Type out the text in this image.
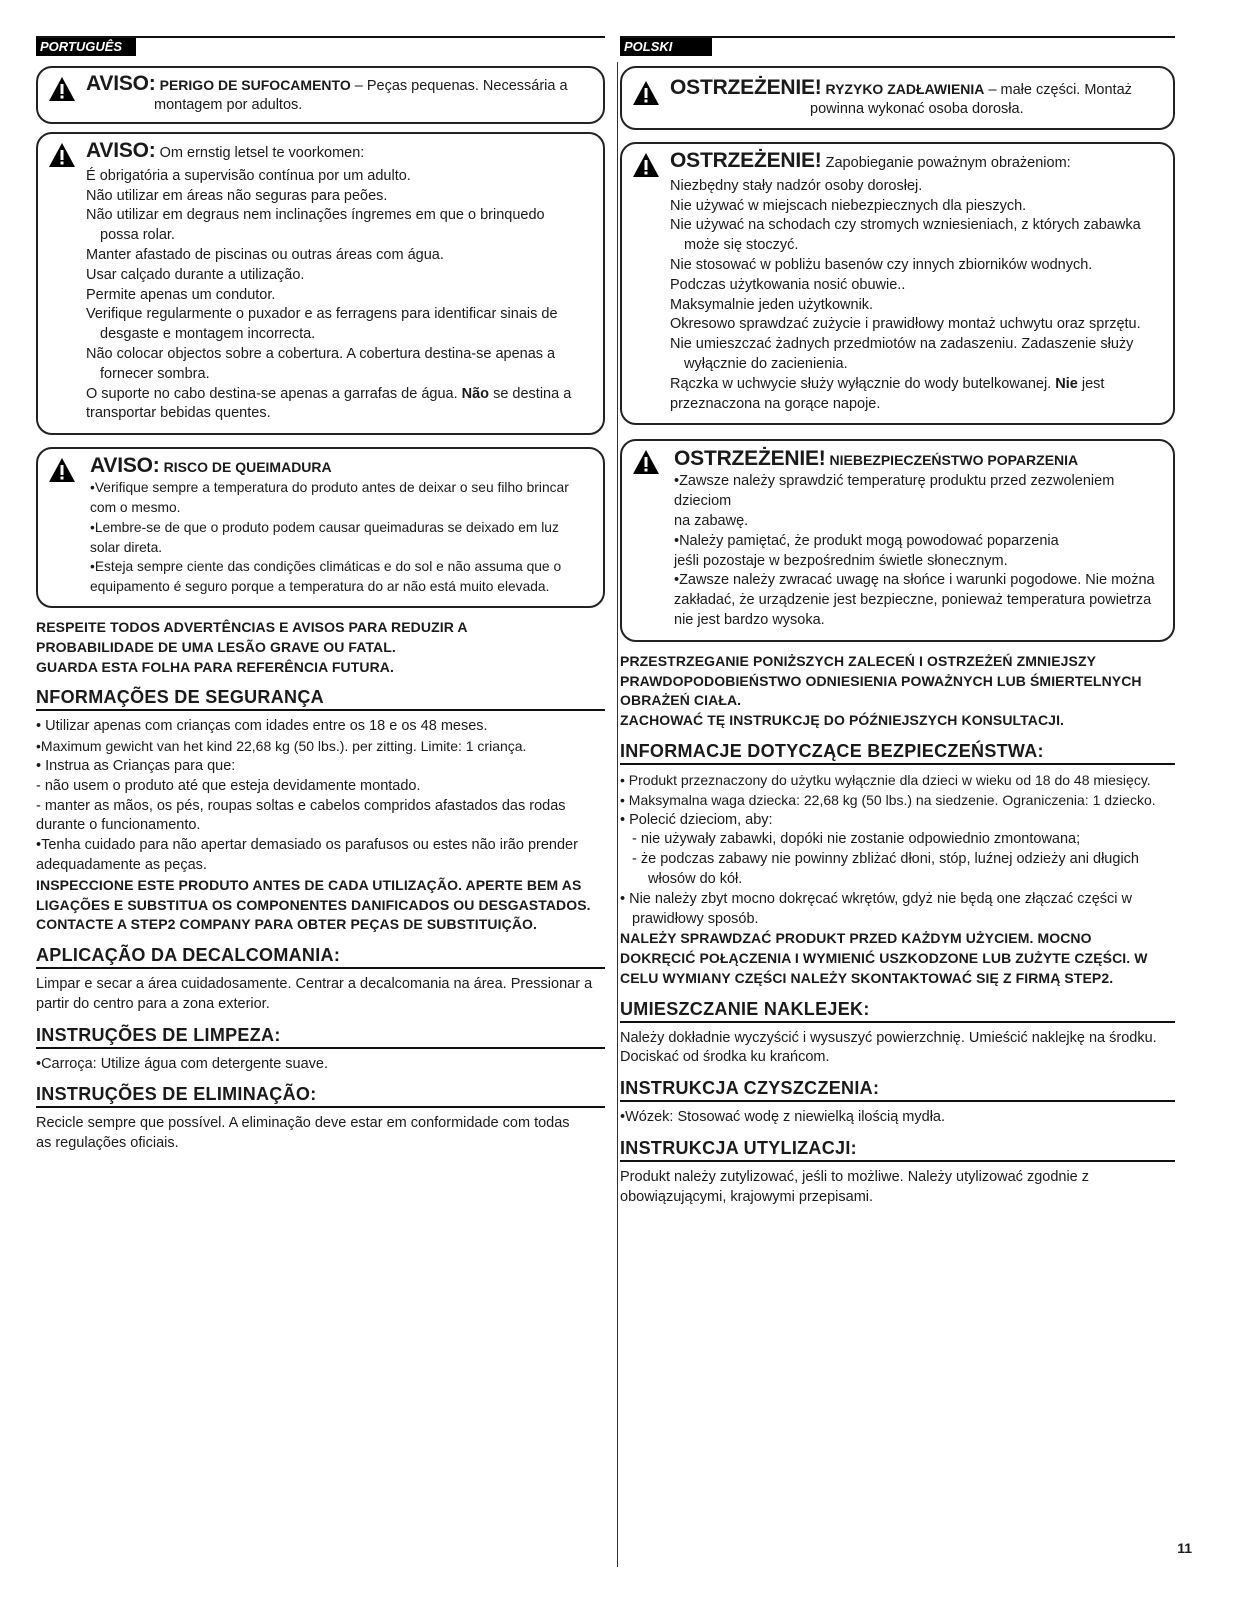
PORTUGUÊS
AVISO: PERIGO DE SUFOCAMENTO – Peças pequenas. Necessária a
montagem por adultos.
AVISO: Om ernstig letsel te voorkomen:
É obrigatória a supervisão contínua por um adulto.
Não utilizar em áreas não seguras para peões.
Não utilizar em degraus nem inclinações íngremes em que o brinquedo
possa rolar.
Manter afastado de piscinas ou outras áreas com água.
Usar calçado durante a utilização.
Permite apenas um condutor.
Verifique regularmente o puxador e as ferragens para identificar sinais de
desgaste e montagem incorrecta.
Não colocar objectos sobre a cobertura. A cobertura destina-se apenas a
fornecer sombra.
O suporte no cabo destina-se apenas a garrafas de água. Não se destina a
transportar bebidas quentes.
AVISO: RISCO DE QUEIMADURA
•Verifique sempre a temperatura do produto antes de deixar o seu filho brincar
com o mesmo.
•Lembre-se de que o produto podem causar queimaduras se deixado em luz
solar direta.
•Esteja sempre ciente das condições climáticas e do sol e não assuma que o
equipamento é seguro porque a temperatura do ar não está muito elevada.
RESPEITE TODOS ADVERTÊNCIAS E AVISOS PARA REDUZIR A
PROBABILIDADE DE UMA LESÃO GRAVE OU FATAL.
GUARDA ESTA FOLHA PARA REFERÊNCIA FUTURA.
NFORMAÇÕES DE SEGURANÇA
• Utilizar apenas com crianças com idades entre os 18 e os 48 meses.
•Maximum gewicht van het kind 22,68 kg (50 lbs.). per zitting. Limite: 1 criança.
• Instrua as Crianças para que:
- não usem o produto até que esteja devidamente montado.
- manter as mãos, os pés, roupas soltas e cabelos compridos afastados das rodas
durante o funcionamento.
•Tenha cuidado para não apertar demasiado os parafusos ou estes não irão prender
adequadamente as peças.
INSPECCIONE ESTE PRODUTO ANTES DE CADA UTILIZAÇÃO. APERTE BEM AS
LIGAÇÕES E SUBSTITUA OS COMPONENTES DANIFICADOS OU DESGASTADOS.
CONTACTE A STEP2 COMPANY PARA OBTER PEÇAS DE SUBSTITUIÇÃO.
APLICAÇÃO DA DECALCOMANIA:
Limpar e secar a área cuidadosamente. Centrar a decalcomania na área. Pressionar a
partir do centro para a zona exterior.
INSTRUÇÕES DE LIMPEZA:
•Carroça: Utilize água com detergente suave.
INSTRUÇÕES DE ELIMINAÇÃO:
Recicle sempre que possível. A eliminação deve estar em conformidade com todas
as regulações oficiais.
POLSKI
OSTRZEŻENIE! RYZYKO ZADŁAWIENIA – małe części. Montaż
powinna wykonać osoba dorosła.
OSTRZEŻENIE! Zapobieganie poważnym obrażeniom:
Niezbędny stały nadzór osoby dorosłej.
Nie używać w miejscach niebezpiecznych dla pieszych.
Nie używać na schodach czy stromych wzniesieniach, z których zabawka
może się stoczyć.
Nie stosować w pobliżu basenów czy innych zbiorników wodnych.
Podczas użytkowania nosić obuwie..
Maksymalnie jeden użytkownik.
Okresowo sprawdzać zużycie i prawidłowy montaż uchwytu oraz sprzętu.
Nie umieszczać żadnych przedmiotów na zadaszeniu. Zadaszenie służy
wyłącznie do zacienienia.
Rączka w uchwycie służy wyłącznie do wody butelkowanej. Nie jest
przeznaczona na gorące napoje.
OSTRZEŻENIE! NIEBEZPIECZEŃSTWO POPARZENIA
•Zawsze należy sprawdzić temperaturę produktu przed zezwoleniem dzieciom
na zabawę.
•Należy pamiętać, że produkt mogą powodować poparzenia
jeśli pozostaje w bezpośrednim świetle słonecznym.
•Zawsze należy zwracać uwagę na słońce i warunki pogodowe. Nie można
zakładać, że urządzenie jest bezpieczne, ponieważ temperatura powietrza
nie jest bardzo wysoka.
PRZESTRZEGANIE PONIŻSZYCH ZALECEŃ I OSTRZEŻEŃ ZMNIEJSZY
PRAWDOPODOBIEŃSTWO ODNIESIENIA POWAŻNYCH LUB ŚMIERTELNYCH
OBRAŻEŃ CIAŁA.
ZACHOWAĆ TĘ INSTRUKCJĘ DO PÓŹNIEJSZYCH KONSULTACJI.
INFORMACJE DOTYCZĄCE BEZPIECZEŃSTWA:
• Produkt przeznaczony do użytku wyłącznie dla dzieci w wieku od 18 do 48 miesięcy.
• Maksymalna waga dziecka: 22,68 kg (50 lbs.) na siedzenie. Ograniczenia: 1 dziecko.
• Polecić dzieciom, aby:
- nie używały zabawki, dopóki nie zostanie odpowiednio zmontowana;
- że podczas zabawy nie powinny zbliżać dłoni, stóp, luźnej odzieży ani długich
włosów do kół.
• Nie należy zbyt mocno dokręcać wkrętów, gdyż nie będą one złączać części w
prawidłowy sposób.
NALEŻY SPRAWDZAĆ PRODUKT PRZED KAŻDYM UŻYCIEM. MOCNO
DOKRĘCIĆ POŁĄCZENIA I WYMIENIĆ USZKODZONE LUB ZUŻYTE CZĘŚCI. W
CELU WYMIANY CZĘŚCI NALEŻY SKONTAKTOWAĆ SIĘ Z FIRMĄ STEP2.
UMIESZCZANIE NAKLEJEK:
Należy dokładnie wyczyścić i wysuszyć powierzchnię. Umieścić naklejkę na środku.
Dociskać od środka ku krańcom.
INSTRUKCJA CZYSZCZENIA:
•Wózek: Stosować wodę z niewielką ilością mydła.
INSTRUKCJA UTYLIZACJI:
Produkt należy zutylizować, jeśli to możliwe. Należy utylizować zgodnie z
obowiązującymi, krajowymi przepisami.
11
